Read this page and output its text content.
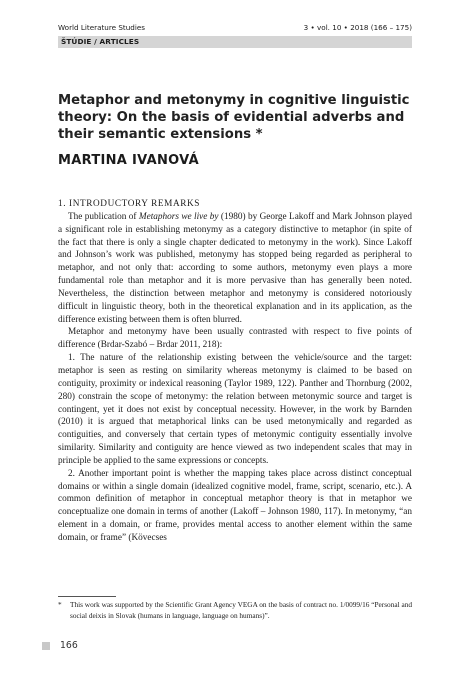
World Literature Studies	3 • vol. 10 • 2018 (166 – 175)
ŠTÚDIE / ARTICLES
Metaphor and metonymy in cognitive linguistic theory: On the basis of evidential adverbs and their semantic extensions *
MARTINA IVANOVÁ
1. INTRODUCTORY REMARKS

The publication of Metaphors we live by (1980) by George Lakoff and Mark Johnson played a significant role in establishing metonymy as a category distinctive to metaphor (in spite of the fact that there is only a single chapter dedicated to metonymy in the work). Since Lakoff and Johnson’s work was published, metonymy has stopped being regarded as peripheral to metaphor, and not only that: according to some authors, metonymy even plays a more fundamental role than metaphor and it is more pervasive than has generally been noted. Nevertheless, the distinction between metaphor and metonymy is considered notoriously difficult in linguistic theory, both in the theoretical explanation and in its application, as the difference existing between them is often blurred.

Metaphor and metonymy have been usually contrasted with respect to five points of difference (Brdar-Szabó – Brdar 2011, 218):

1. The nature of the relationship existing between the vehicle/source and the target: metaphor is seen as resting on similarity whereas metonymy is claimed to be based on contiguity, proximity or indexical reasoning (Taylor 1989, 122). Panther and Thornburg (2002, 280) constrain the scope of metonymy: the relation between metonymic source and target is contingent, yet it does not exist by conceptual necessity. However, in the work by Barnden (2010) it is argued that metaphorical links can be used metonymically and regarded as contiguities, and conversely that certain types of metonymic contiguity essentially involve similarity. Similarity and contiguity are hence viewed as two independent scales that may in principle be applied to the same expressions or concepts.

2. Another important point is whether the mapping takes place across distinct conceptual domains or within a single domain (idealized cognitive model, frame, script, scenario, etc.). A common definition of metaphor in conceptual metaphor theory is that in metaphor we conceptualize one domain in terms of another (Lakoff – Johnson 1980, 117). In metonymy, “an element in a domain, or frame, provides mental access to another element within the same domain, or frame” (Kövecses

*	This work was supported by the Scientific Grant Agency VEGA on the basis of contract no. 1/0099/16 “Personal and social deixis in Slovak (humans in language, language on humans)”.
166
